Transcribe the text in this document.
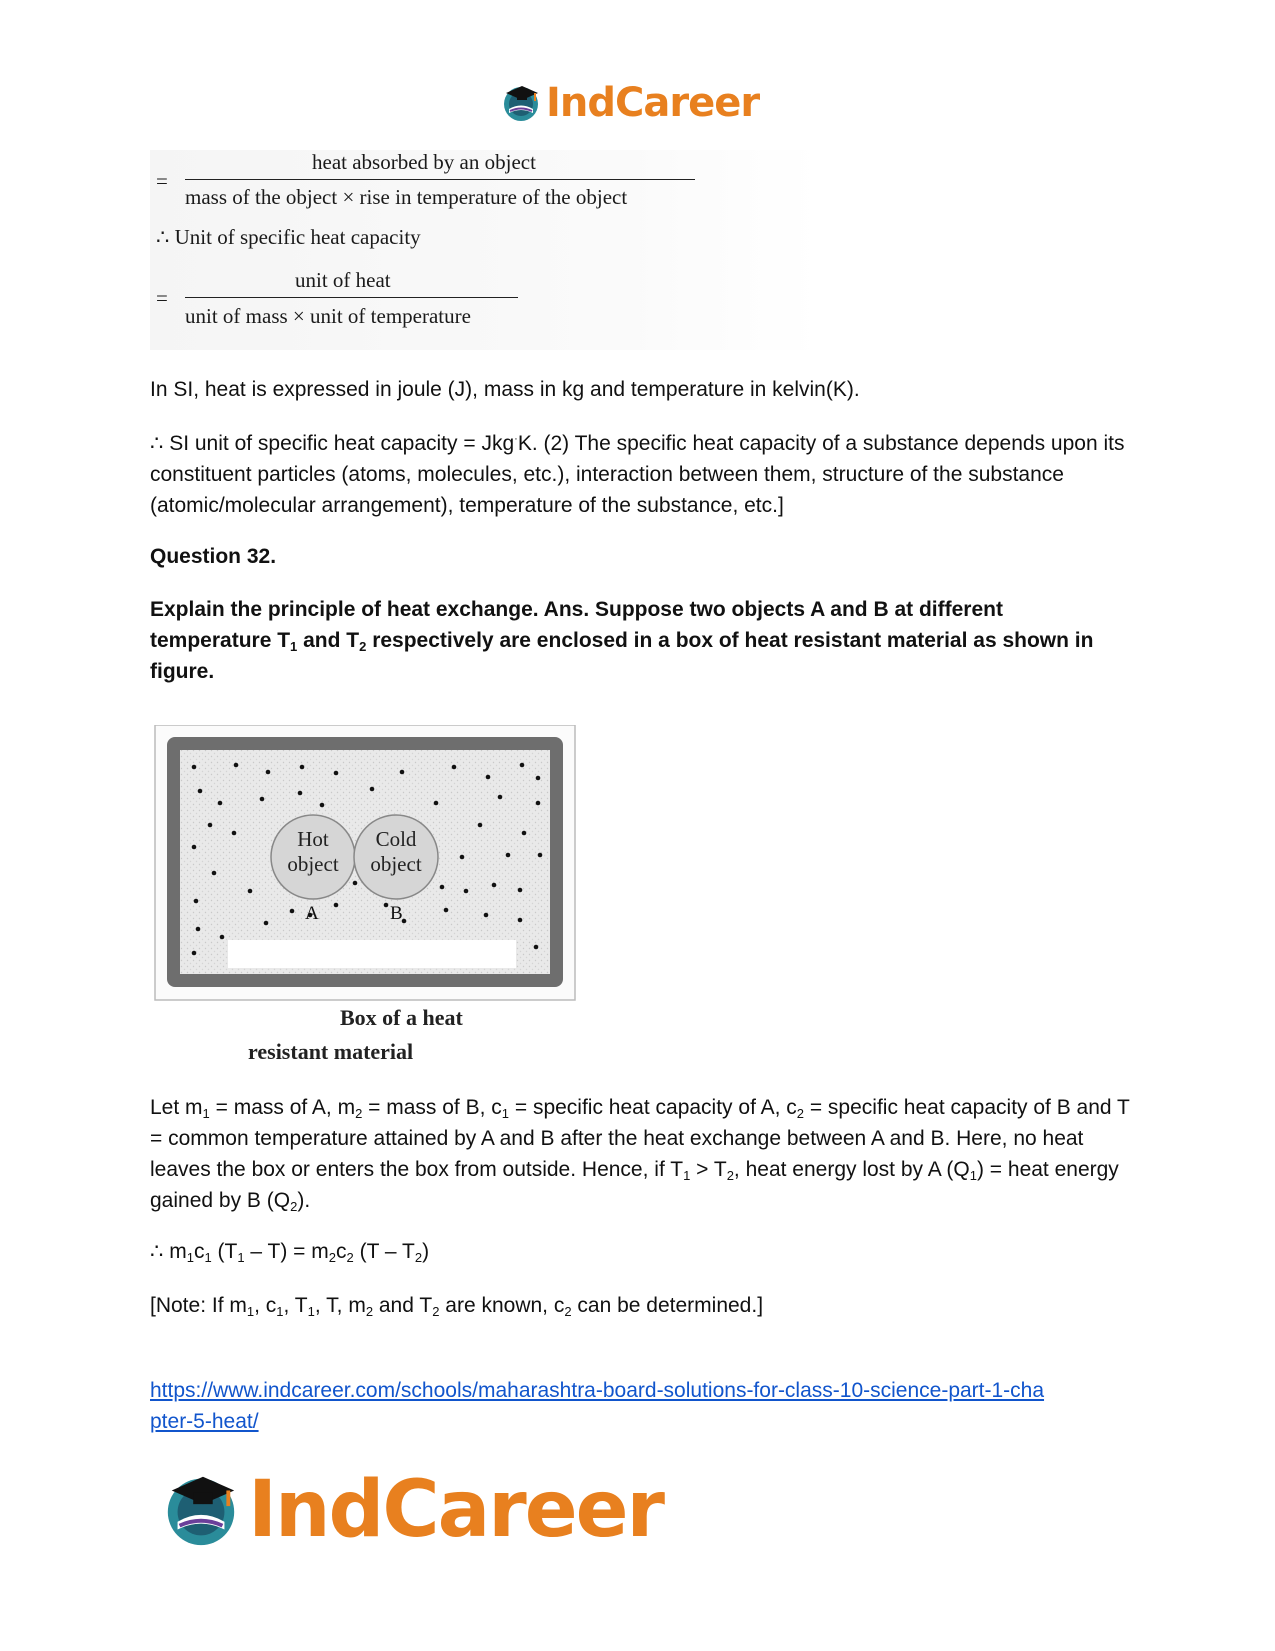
IndCareer
=
heat absorbed by an object
mass of the object × rise in temperature of the object
∴ Unit of specific heat capacity
=
unit of heat
unit of mass × unit of temperature
In SI, heat is expressed in joule (J), mass in kg and temperature in kelvin(K).
∴ SI unit of specific heat capacity = Jkg·K. (2) The specific heat capacity of a substance depends upon its constituent particles (atoms, molecules, etc.), interaction between them, structure of the substance (atomic/molecular arrangement), temperature of the substance, etc.]
Question 32.
Explain the principle of heat exchange. Ans. Suppose two objects A and B at different temperature $T_1$ and $T_2$ respectively are enclosed in a box of heat resistant material as shown in figure.
Hot
object
Cold
object
A	B
Box of a heat
resistant material
Let $m_1$ = mass of A, $m_2$ = mass of B, $c_1$ = specific heat capacity of A, $c_2$ = specific heat capacity of B and T = common temperature attained by A and B after the heat exchange between A and B. Here, no heat leaves the box or enters the box from outside. Hence, if $T_1 > T_2$, heat energy lost by A $(Q_1)$ = heat energy gained by B $(Q_2)$.
∴ $m_1c_1$ $(T_1 - T) = m_2c_2$ $(T - T_2)$
[Note: If $m_1$, $c_1$, $T_1$, T, $m_2$ and $T_2$ are known, $c_2$ can be determined.]
https://www.indcareer.com/schools/maharashtra-board-solutions-for-class-10-science-part-1-cha
pter-5-heat/
IndCareer
